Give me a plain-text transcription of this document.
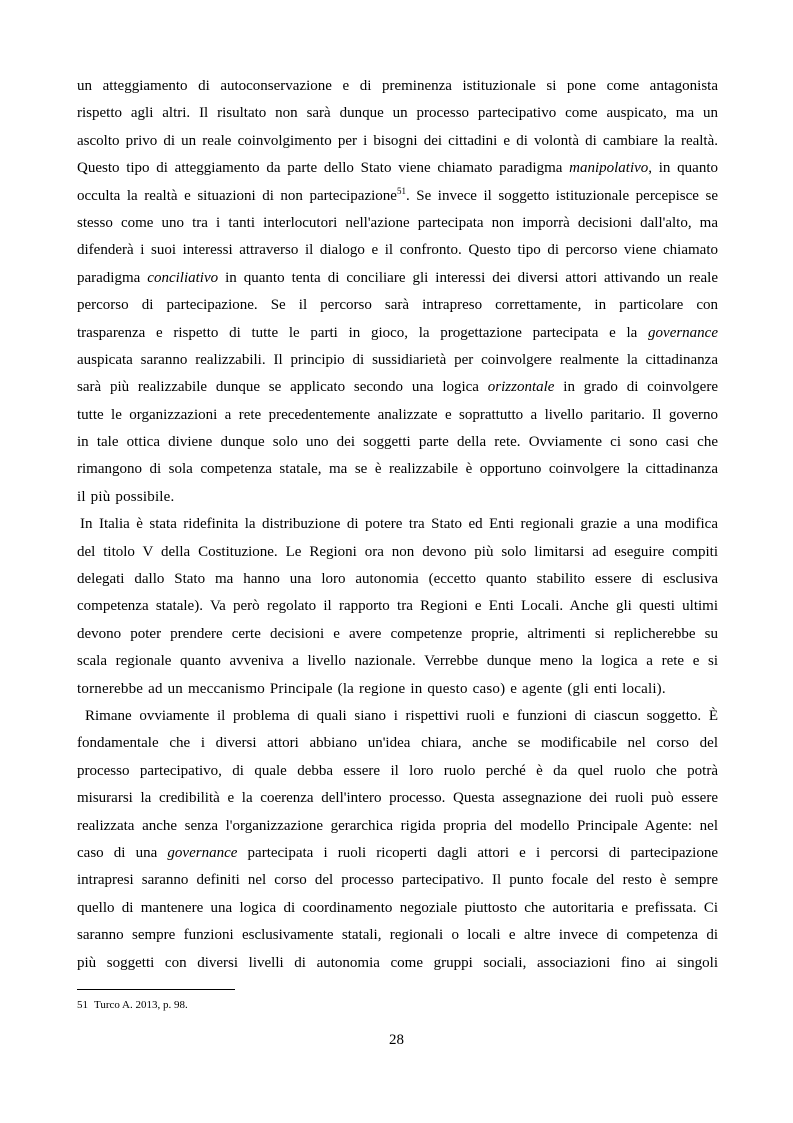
un atteggiamento di autoconservazione e di preminenza istituzionale si pone come antagonista
rispetto agli altri. Il risultato non sarà dunque un processo partecipativo come auspicato, ma un
ascolto privo di un reale coinvolgimento per i bisogni dei cittadini e di volontà di cambiare la realtà.
Questo tipo di atteggiamento da parte dello Stato viene chiamato paradigma manipolativo, in quanto
occulta la realtà e situazioni di non partecipazione$^{51}$. Se invece il soggetto istituzionale percepisce se
stesso come uno tra i tanti interlocutori nell'azione partecipata non imporrà decisioni dall'alto, ma
difenderà i suoi interessi attraverso il dialogo e il confronto. Questo tipo di percorso viene chiamato
paradigma conciliativo in quanto tenta di conciliare gli interessi dei diversi attori attivando un reale
percorso di partecipazione. Se il percorso sarà intrapreso correttamente, in particolare con
trasparenza e rispetto di tutte le parti in gioco, la progettazione partecipata e la governance
auspicata saranno realizzabili. Il principio di sussidiarietà per coinvolgere realmente la cittadinanza
sarà più realizzabile dunque se applicato secondo una logica orizzontale in grado di coinvolgere
tutte le organizzazioni a rete precedentemente analizzate e soprattutto a livello paritario. Il governo
in tale ottica diviene dunque solo uno dei soggetti parte della rete. Ovviamente ci sono casi che
rimangono di sola competenza statale, ma se è realizzabile è opportuno coinvolgere la cittadinanza
il più possibile.
In Italia è stata ridefinita la distribuzione di potere tra Stato ed Enti regionali grazie a una modifica
del titolo V della Costituzione. Le Regioni ora non devono più solo limitarsi ad eseguire compiti
delegati dallo Stato ma hanno una loro autonomia (eccetto quanto stabilito essere di esclusiva
competenza statale). Va però regolato il rapporto tra Regioni e Enti Locali. Anche gli questi ultimi
devono poter prendere certe decisioni e avere competenze proprie, altrimenti si replicherebbe su
scala regionale quanto avveniva a livello nazionale. Verrebbe dunque meno la logica a rete e si
tornerebbe ad un meccanismo Principale (la regione in questo caso) e agente (gli enti locali).
Rimane ovviamente il problema di quali siano i rispettivi ruoli e funzioni di ciascun soggetto. È
fondamentale che i diversi attori abbiano un'idea chiara, anche se modificabile nel corso del
processo partecipativo, di quale debba essere il loro ruolo perché è da quel ruolo che potrà
misurarsi la credibilità e la coerenza dell'intero processo. Questa assegnazione dei ruoli può essere
realizzata anche senza l'organizzazione gerarchica rigida propria del modello Principale Agente: nel
caso di una governance partecipata i ruoli ricoperti dagli attori e i percorsi di partecipazione
intrapresi saranno definiti nel corso del processo partecipativo. Il punto focale del resto è sempre
quello di mantenere una logica di coordinamento negoziale piuttosto che autoritaria e prefissata. Ci
saranno sempre funzioni esclusivamente statali, regionali o locali e altre invece di competenza di
più soggetti con diversi livelli di autonomia come gruppi sociali, associazioni fino ai singoli
51 Turco A. 2013, p. 98.
28
